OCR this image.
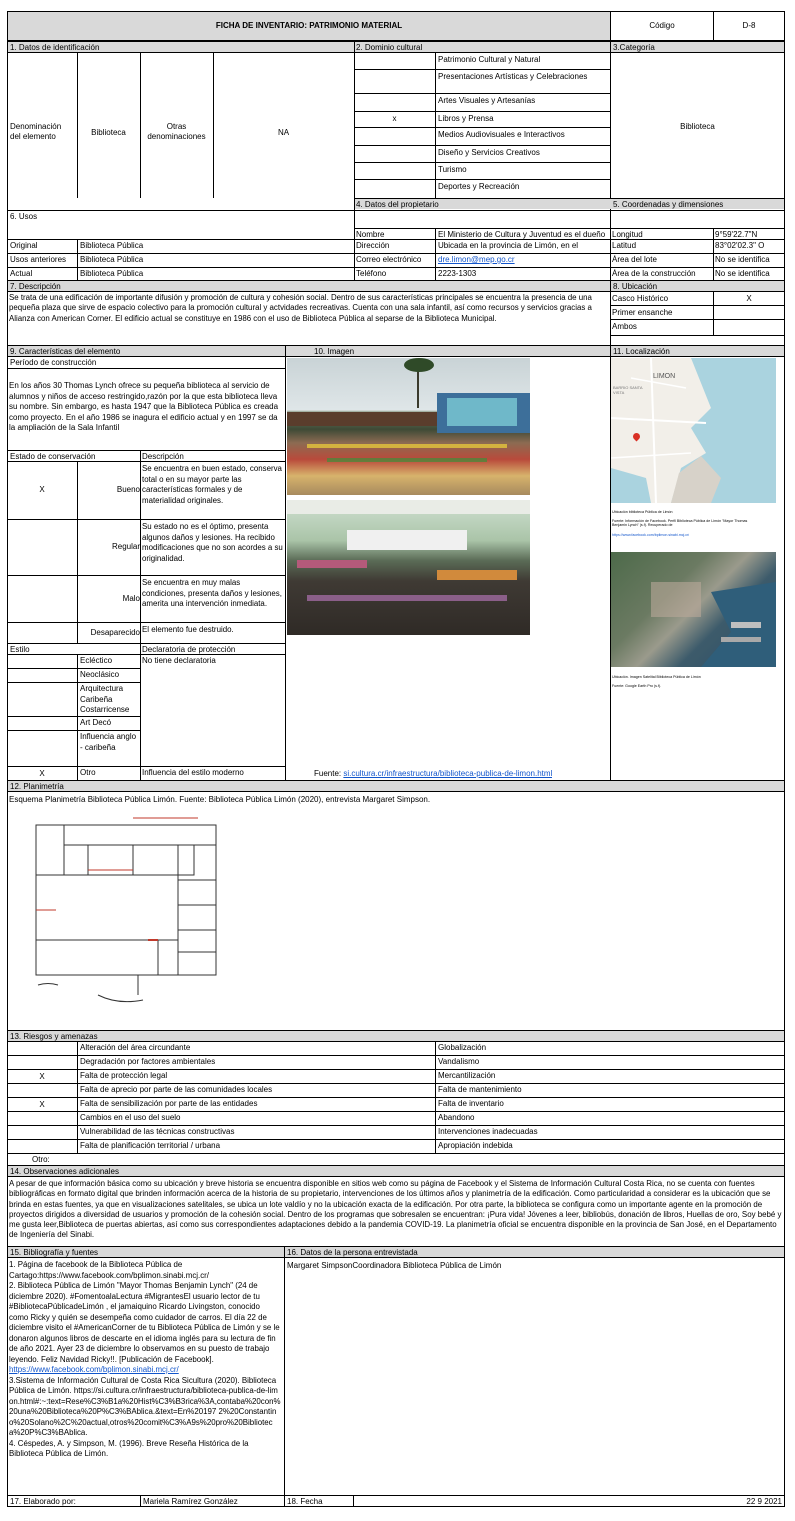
FICHA DE INVENTARIO: PATRIMONIO MATERIAL	Código	D-8
1. Datos de identificación	2. Dominio cultural	3.Categoría
Denominación del elemento	Biblioteca
Otras denominaciones	NA
Patrimonio Cultural y Natural
Presentaciones Artísticas y Celebraciones
Artes Visuales y Artesanías
x	Libros y Prensa
Medios Audiovisuales e Interactivos
Diseño y Servicios Creativos
Turismo
Deportes y Recreación
4. Datos del propietario	5. Coordenadas y dimensiones
Biblioteca
6. Usos
Nombre	El Ministerio de Cultura y Juventud es el dueño
Dirección	Ubicada en la provincia de Limón, en el
Correo electrónico	dre.limon@mep.go.cr
Teléfono	2223-1303
Longitud	9°59'22.7"N
Latitud	83°02'02.3" O
Área del lote	No se identifica
Área de la construcción	No se identifica
Original	Biblioteca Pública
Usos anteriores	Biblioteca Pública
Actual	Biblioteca Pública
7. Descripción	8. Ubicación
Se trata de una edificación de importante difusión y promoción de cultura y cohesión social. Dentro de sus características principales se encuentra la presencia de una pequeña plaza que sirve de espacio colectivo para la promoción cultural y actvidades recreativas. Cuenta con una sala infantil, así como recursos y servicios gracias a Alianza con American Corner. El edificio actual se constituye en 1986 con el uso de Biblioteca Pública al separse de la Biblioteca Municipal.
Casco Histórico	X
Primer ensanche
Ambos
9. Características del elemento	10. Imagen	11. Localización
Período de construcción
En los años 30 Thomas Lynch ofrece su pequeña biblioteca al servicio de alumnos y niños de acceso restringido,razón por la que esta biblioteca lleva su nombre. Sin embargo, es hasta 1947 que la Biblioteca Pública es creada como proyecto. En el año 1986 se inagura el edificio actual y en 1997 se da la ampliación de la Sala Infantil
Estado de conservación	Descripción
X	Bueno
Se encuentra en buen estado, conserva total o en su mayor parte las características formales y de materialidad originales.
Regular
Su estado no es el óptimo, presenta algunos daños y lesiones. Ha recibido modificaciones que no son acordes a su originalidad.
Malo
Se encuentra en muy malas condiciones, presenta daños y lesiones, amerita una intervención inmediata.
Desaparecido El elemento fue destruido.
Estilo	Declaratoria de protección
No tiene declaratoria
Ecléctico
Neoclásico
Arquitectura Caribeña Costarricense
Art Decó
Influencia anglo - caribeña
X	Otro	Influencia del estilo moderno	Fuente: si.cultura.cr/infraestructura/biblioteca-publica-de-limon.html
LIMÓN
BARRIO SANTA VISTA
Ubicación biblioteca Pública de Limón
Fuente: Información de Facebook. Perfil Biblioteca Pública de Limón "Mayor Thomas Benjamin Lynch" (s.f). Recuperado de
https://www.facebook.com/bplimon.sinabi.mcj.cr/
Ubicación. Imagen Satelital Biblioteca Pública de Limón
Fuente: Google Earth Pro (s.f).
12. Planimetría
Esquema Planimetría Biblioteca Pública Limón. Fuente: Biblioteca Pública Limón (2020), entrevista Margaret Simpson.
13. Riesgos y amenazas
Alteración del área circundante	Globalización
Degradación por factores ambientales	Vandalismo
X	Falta de protección legal	Mercantilización
Falta de aprecio por parte de las comunidades locales	Falta de mantenimiento
X	Falta de sensibilización por parte de las entidades	Falta de inventario
Cambios en el uso del suelo	Abandono
Vulnerabilidad de las técnicas constructivas	Intervenciones inadecuadas
Falta de planificación territorial / urbana	Apropiación indebida
Otro:
14. Observaciones adicionales
A pesar de que información básica como su ubicación y breve historia se encuentra disponible en sitios web como su página de Facebook y el Sistema de Información Cultural Costa Rica, no se cuenta con fuentes bibliográficas en formato digital que brinden información acerca de la historia de su propietario, intervenciones de los últimos años y planimetría de la edificación. Como particularidad a considerar es la ubicación que se brinda en estas fuentes, ya que en visualizaciones satelitales, se ubica un lote valdío y no la ubicación exacta de la edificación. Por otra parte, la biblioteca se configura como un importante agente en la promoción de proyectos dirigidos a diversidad de usuarios y promoción de la cohesión social. Dentro de los programas que sobresalen se encuentran: ¡Pura vida! Jóvenes a leer, bibliobús, donación de libros, Huellas de oro, Soy bebé y me gusta leer,Biblioteca de puertas abiertas, así como sus correspondientes adaptaciones debido a la pandemia COVID-19. La planimetría oficial se encuentra disponible en la provincia de San José, en el Departamento de Ingeniería del Sinabi.
15. Bibliografía y fuentes	16. Datos de la persona entrevistada
Margaret SimpsonCoordinadora Biblioteca Pública de Limón
1. Página de facebook de la Biblioteca Pública de Cartago:https://www.facebook.com/bplimon.sinabi.mcj.cr/
2. Biblioteca Pública de Limón "Mayor Thomas Benjamin Lynch" (24 de diciembre 2020). #FomentoalaLectura #MigrantesEl usuario lector de tu #BibliotecaPúblicadeLimón , el jamaiquino Ricardo Livingston, conocido como Ricky y quién se desempeña como cuidador de carros. El día 22 de diciembre visito el #AmericanCorner de tu Biblioteca Pública de Limón y se le donaron algunos libros de descarte en el idioma inglés para su lectura de fin de año 2021. Ayer 23 de diciembre lo observamos en su puesto de trabajo leyendo. Feliz Navidad Ricky!!. [Publicación de Facebook].
https://www.facebook.com/bplimon.sinabi.mcj.cr/
3.Sistema de Información Cultural de Costa Rica Sicultura (2020). Biblioteca Pública de Limón. https://si.cultura.cr/infraestructura/biblioteca-publica-de-limon.html#:~:text=Rese%C3%B1a%20Hist%C3%B3rica%3A,contaba%20con%20una%20Biblioteca%20P%C3%BAblica.&text=En%20197 2%20Constantino%20Solano%2C%20actual,otros%20comit%C3%A9s%20pro%20Biblioteca%20P%C3%BAblica.
4. Céspedes, A. y Simpson, M. (1996). Breve Reseña Histórica de la Biblioteca Pública de Limón.
17. Elaborado por:	Mariela Ramírez González	18. Fecha	22 9 2021
